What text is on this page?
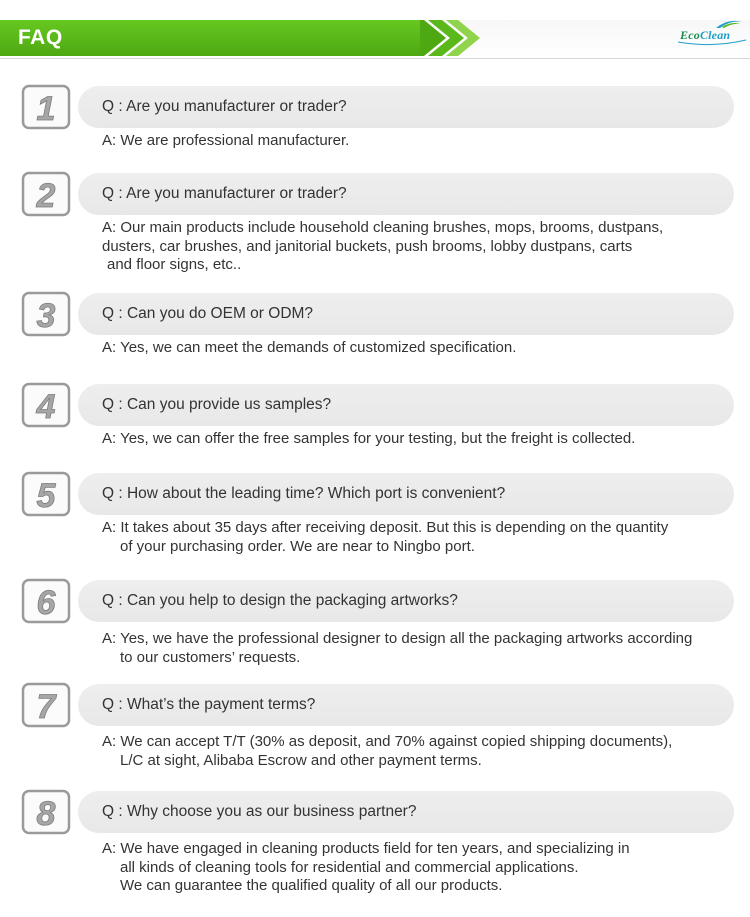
FAQ	EcoClean
1	Q : Are you manufacturer or trader?
A: We are professional manufacturer.
2	Q : Are you manufacturer or trader?
A: Our main products include household cleaning brushes, mops, brooms, dustpans,
dusters, car brushes, and janitorial buckets, push brooms, lobby dustpans, carts
and floor signs, etc..
3	Q : Can you do OEM or ODM?
A: Yes, we can meet the demands of customized specification.
4	Q : Can you provide us samples?
A: Yes, we can offer the free samples for your testing, but the freight is collected.
5	Q : How about the leading time? Which port is convenient?
A: It takes about 35 days after receiving deposit. But this is depending on the quantity
of your purchasing order. We are near to Ningbo port.
6	Q : Can you help to design the packaging artworks?
A: Yes, we have the professional designer to design all the packaging artworks according
to our customers’ requests.
7	Q : What’s the payment terms?
A: We can accept T/T (30% as deposit, and 70% against copied shipping documents),
L/C at sight, Alibaba Escrow and other payment terms.
8	Q : Why choose you as our business partner?
A: We have engaged in cleaning products field for ten years, and specializing in
all kinds of cleaning tools for residential and commercial applications.
We can guarantee the qualified quality of all our products.
